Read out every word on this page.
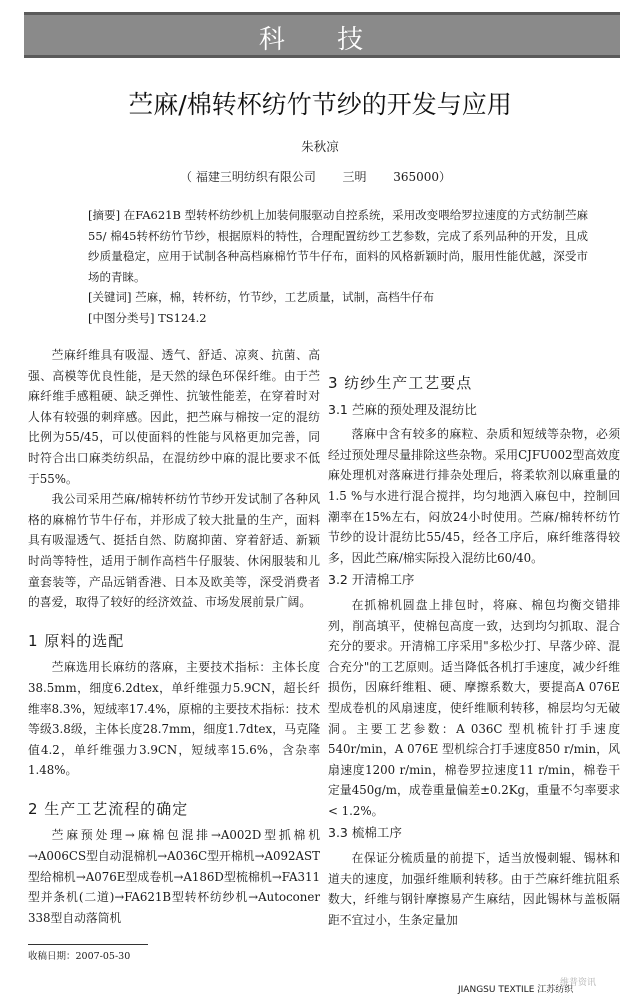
科 技
苎麻/棉转杯纺竹节纱的开发与应用
朱秋凉
（ 福建三明纺织有限公司       三明       365000）

[摘要] 在FA621B 型转杯纺纱机上加装伺服驱动自控系统，采用改变喂给罗拉速度的方式纺制苎麻55/ 棉45转杯纺竹节纱，根据原料的特性，合理配置纺纱工艺参数，完成了系列品种的开发，且成纱质量稳定，应用于试制各种高档麻棉竹节牛仔布，面料的风格新颖时尚，服用性能优越，深受市场的青睐。

[关键词] 苎麻，棉，转杯纺，竹节纱，工艺质量，试制，高档牛仔布

[中图分类号] TS124.2

苎麻纤维具有吸湿、透气、舒适、凉爽、抗菌、高强、高模等优良性能，是天然的绿色环保纤维。由于苎麻纤维手感粗硬、缺乏弹性、抗皱性能差，在穿着时对人体有较强的刺痒感。因此，把苎麻与棉按一定的混纺比例为55/45，可以使面料的性能与风格更加完善，同时符合出口麻类纺织品，在混纺纱中麻的混比要求不低于55%。

我公司采用苎麻/棉转杯纺竹节纱开发试制了各种风格的麻棉竹节牛仔布，并形成了较大批量的生产，面料具有吸湿透气、挺括自然、防腐抑菌、穿着舒适、新颖时尚等特性，适用于制作高档牛仔服装、休闲服装和儿童套装等，产品远销香港、日本及欧美等，深受消费者的喜爱，取得了较好的经济效益、市场发展前景广阔。

1 原料的选配

苎麻选用长麻纺的落麻，主要技术指标：主体长度38.5mm，细度6.2dtex，单纤维强力5.9CN，超长纤维率8.3%，短绒率17.4%，原棉的主要技术指标：技术等级3.8级，主体长度28.7mm，细度1.7dtex，马克隆值4.2，单纤维强力3.9CN，短绒率15.6%，含杂率1.48%。

2 生产工艺流程的确定

苎麻预处理→麻棉包混排→A002D型抓棉机→A006CS型自动混棉机→A036C型开棉机→A092AST型给棉机→A076E型成卷机→A186D型梳棉机→FA311型并条机(二道)→FA621B型转杯纺纱机→Autoconer 338型自动落筒机

3 纺纱生产工艺要点
3.1 苎麻的预处理及混纺比

落麻中含有较多的麻粒、杂质和短绒等杂物，必须经过预处理尽量排除这些杂物。采用CJFU002型高效度麻处理机对落麻进行排杂处理后，将柔软剂以麻重量的1.5 %与水进行混合搅拌，均匀地洒入麻包中，控制回潮率在15%左右，闷放24小时使用。苎麻/棉转杯纺竹节纱的设计混纺比55/45，经各工序后，麻纤维落得较多，因此苎麻/棉实际投入混纺比60/40。

3.2 开清棉工序

在抓棉机圆盘上排包时，将麻、棉包均衡交错排列，削高填平，使棉包高度一致，达到均匀抓取、混合充分的要求。开清棉工序采用"多松少打、早落少碎、混合充分"的工艺原则。适当降低各机打手速度，减少纤维损伤，因麻纤维粗、硬、摩擦系数大，要提高A 076E 型成卷机的风扇速度，使纤维顺利转移，棉层均匀无破洞。主要工艺参数：A 036C 型机梳针打手速度540r/min，A 076E 型机综合打手速度850 r/min，风扇速度1200 r/min，棉卷罗拉速度11 r/min，棉卷干定量450g/m，成卷重量偏差±0.2Kg，重量不匀率要求< 1.2%。

3.3 梳棉工序

在保证分梳质量的前提下，适当放慢刺辊、锡林和道夫的速度，加强纤维顺利转移。由于苎麻纤维抗阻系数大，纤维与钢针摩擦易产生麻结，因此锡林与盖板隔距不宜过小，生条定量加

收稿日期：2007-05-30
JIANGSU TEXTILE 江苏纺织
维普资讯
